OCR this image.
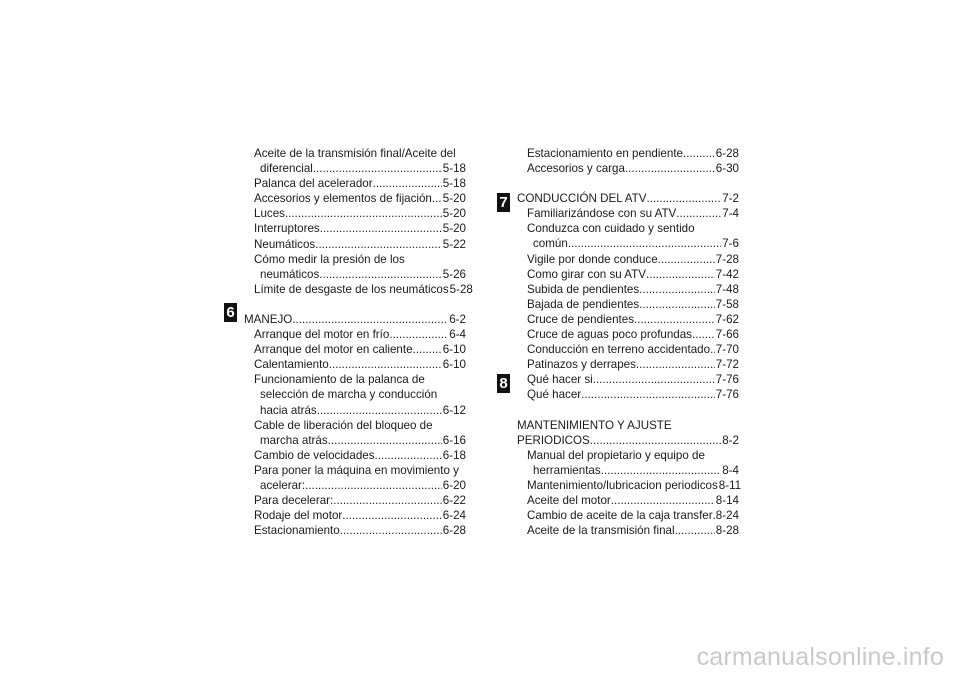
Aceite de la transmisión final/Aceite del
diferencial .....	5-18
Palanca del acelerador .....	5-18
Accesorios y elementos de fijación ..... 5-20
Luces .....	5-20
Interruptores .....	5-20
Neumáticos .....	5-22
Cómo medir la presión de los
neumáticos .....	5-26
Límite de desgaste de los neumáticos 5-28
MANEJO .....	6-2
Arranque del motor en frío .....	6-4
Arranque del motor en caliente .....	6-10
Calentamiento .....	6-10
Funcionamiento de la palanca de
selección de marcha y conducción
hacia atrás .....	6-12
Cable de liberación del bloqueo de
marcha atrás .....	6-16
Cambio de velocidades .....	6-18
Para poner la máquina en movimiento y
acelerar: .....	6-20
Para decelerar: .....	6-22
Rodaje del motor .....	6-24
Estacionamiento .....	6-28
Estacionamiento en pendiente .....	6-28
Accesorios y carga .....	6-30
CONDUCCIÓN DEL ATV .....	7-2
Familiarizándose con su ATV .....	7-4
Conduzca con cuidado y sentido
común .....	7-6
Vigile por donde conduce .....	7-28
Como girar con su ATV .....	7-42
Subida de pendientes .....	7-48
Bajada de pendientes .....	7-58
Cruce de pendientes .....	7-62
Cruce de aguas poco profundas ..... 7-66
Conducción en terreno accidentado ..... 7-70
Patinazos y derrapes .....	7-72
Qué hacer si... .....	7-76
Qué hacer .....	7-76
MANTENIMIENTO Y AJUSTE
PERIODICOS .....	8-2
Manual del propietario y equipo de
herramientas .....	8-4
Mantenimiento/lubricacion periodicos 8-11
Aceite del motor .....	8-14
Cambio de aceite de la caja transfer ..... 8-24
Aceite de la transmisión final .....	8-28
6
7
8
carmanualsonline.info
